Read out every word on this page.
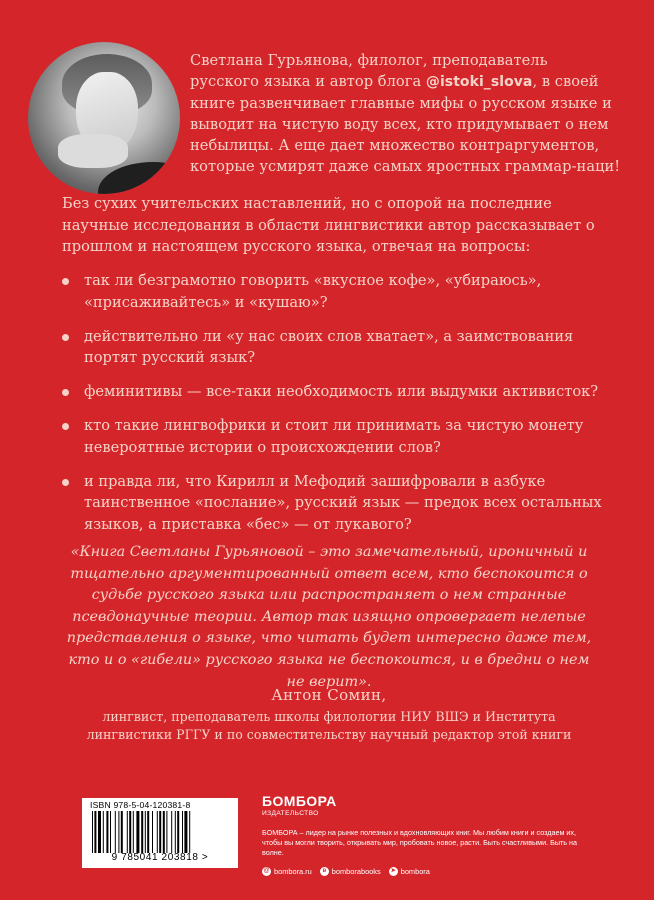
Светлана Гурьянова, филолог, преподаватель
русского языка и автор блога @istoki_slova, в своей книге развенчивает главные мифы о русском языке и выводит на чистую воду всех, кто придумывает о нем небылицы. А еще дает множество контраргументов, которые усмирят даже самых яростных граммар-наци!
Без сухих учительских наставлений, но с опорой на последние научные исследования в области лингвистики автор рассказывает о прошлом и настоящем русского языка, отвечая на вопросы:
так ли безграмотно говорить «вкусное кофе», «убираюсь», «присаживайтесь» и «кушаю»?
действительно ли «у нас своих слов хватает», а заимствования портят русский язык?
феминитивы — все-таки необходимость или выдумки активисток?
кто такие лингвофрики и стоит ли принимать за чистую монету невероятные истории о происхождении слов?
и правда ли, что Кирилл и Мефодий зашифровали в азбуке таинственное «послание», русский язык — предок всех остальных языков, а приставка «бес» — от лукавого?
«Книга Светланы Гурьяновой – это замечательный, ироничный и тщательно аргументированный ответ всем, кто беспокоится о судьбе русского языка или распространяет о нем странные псевдонаучные теории. Автор так изящно опровергает нелепые представления о языке, что читать будет интересно даже тем, кто и о «гибели» русского языка не беспокоится, и в бредни о нем не верит».
Антон Сомин,
лингвист, преподаватель школы филологии НИУ ВШЭ и Института лингвистики РГГУ и по совместительству научный редактор этой книги
ISBN 978-5-04-120381-8
9 785041 203818 >
БОМБОРА
ИЗДАТЕЛЬСТВО
БОМБОРА – лидер на рынке полезных и вдохновляющих книг. Мы любим книги и создаем их, чтобы вы могли творить, открывать мир, пробовать новое, расти. Быть счастливыми. Быть на волне.
@ bombora.ru	в bomborabooks	➤ bombora
